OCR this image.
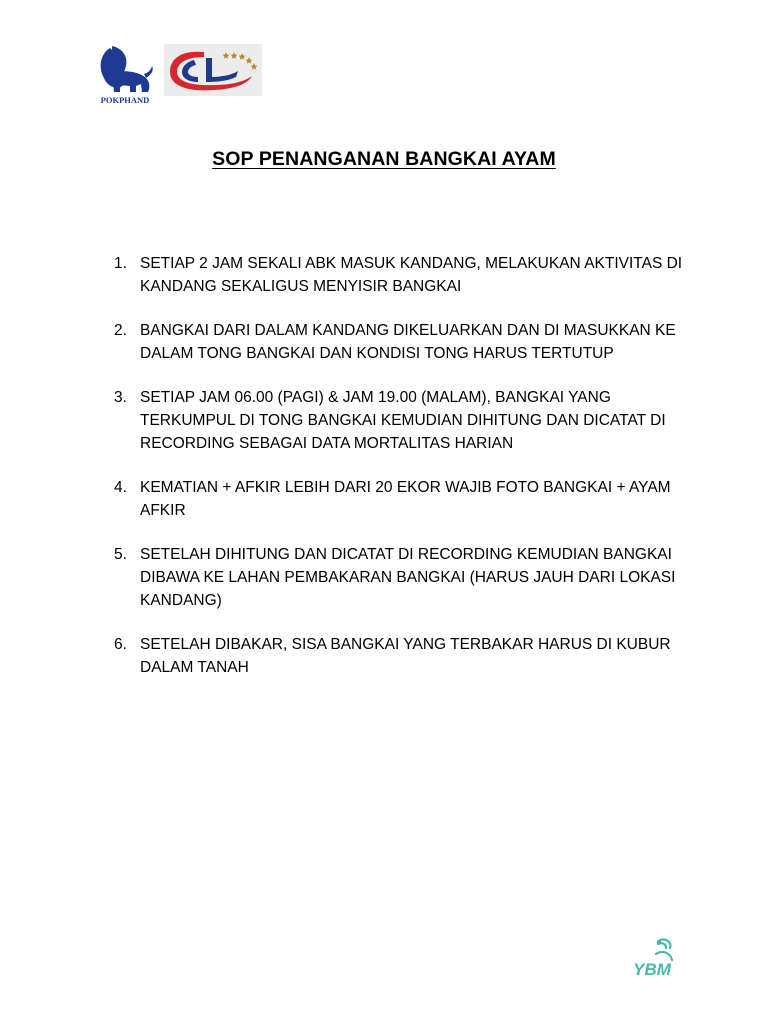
POKPHAND
SOP PENANGANAN BANGKAI AYAM
1. SETIAP 2 JAM SEKALI ABK MASUK KANDANG, MELAKUKAN AKTIVITAS DI
KANDANG SEKALIGUS MENYISIR BANGKAI
2. BANGKAI DARI DALAM KANDANG DIKELUARKAN DAN DI MASUKKAN KE
DALAM TONG BANGKAI DAN KONDISI TONG HARUS TERTUTUP
3. SETIAP JAM 06.00 (PAGI) & JAM 19.00 (MALAM), BANGKAI YANG
TERKUMPUL DI TONG BANGKAI KEMUDIAN DIHITUNG DAN DICATAT DI
RECORDING SEBAGAI DATA MORTALITAS HARIAN
4. KEMATIAN + AFKIR LEBIH DARI 20 EKOR WAJIB FOTO BANGKAI + AYAM
AFKIR
5. SETELAH DIHITUNG DAN DICATAT DI RECORDING KEMUDIAN BANGKAI
DIBAWA KE LAHAN PEMBAKARAN BANGKAI (HARUS JAUH DARI LOKASI
KANDANG)
6. SETELAH DIBAKAR, SISA BANGKAI YANG TERBAKAR HARUS DI KUBUR
DALAM TANAH
YBM
